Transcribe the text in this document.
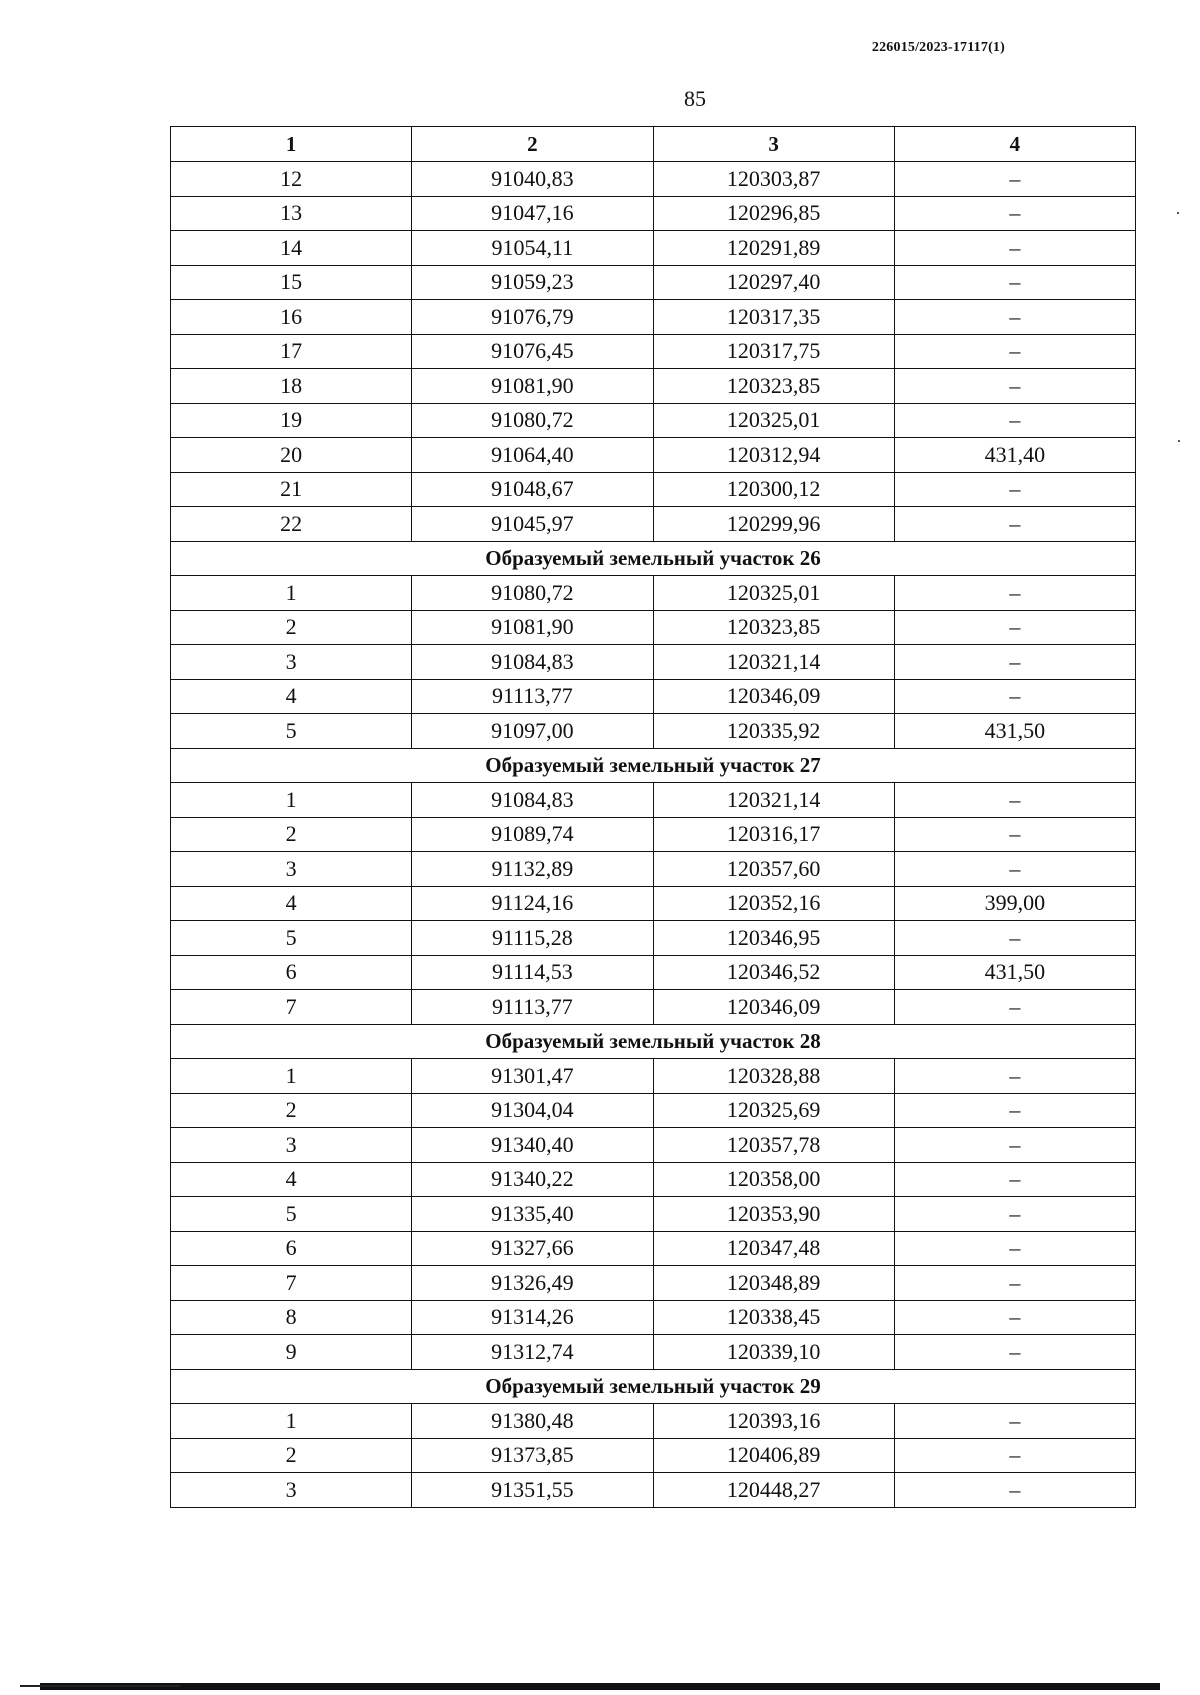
226015/2023-17117(1)
85
1	2	3	4
12	91040,83	120303,87	–
13	91047,16	120296,85	–
14	91054,11	120291,89	–
15	91059,23	120297,40	–
16	91076,79	120317,35	–
17	91076,45	120317,75	–
18	91081,90	120323,85	–
19	91080,72	120325,01	–
20	91064,40	120312,94	431,40
21	91048,67	120300,12	–
22	91045,97	120299,96	–
Образуемый земельный участок 26			
1	91080,72	120325,01	–
2	91081,90	120323,85	–
3	91084,83	120321,14	–
4	91113,77	120346,09	–
5	91097,00	120335,92	431,50
Образуемый земельный участок 27			
1	91084,83	120321,14	–
2	91089,74	120316,17	–
3	91132,89	120357,60	–
4	91124,16	120352,16	399,00
5	91115,28	120346,95	–
6	91114,53	120346,52	431,50
7	91113,77	120346,09	–
Образуемый земельный участок 28			
1	91301,47	120328,88	–
2	91304,04	120325,69	–
3	91340,40	120357,78	–
4	91340,22	120358,00	–
5	91335,40	120353,90	–
6	91327,66	120347,48	–
7	91326,49	120348,89	–
8	91314,26	120338,45	–
9	91312,74	120339,10	–
Образуемый земельный участок 29			
1	91380,48	120393,16	–
2	91373,85	120406,89	–
3	91351,55	120448,27	–
